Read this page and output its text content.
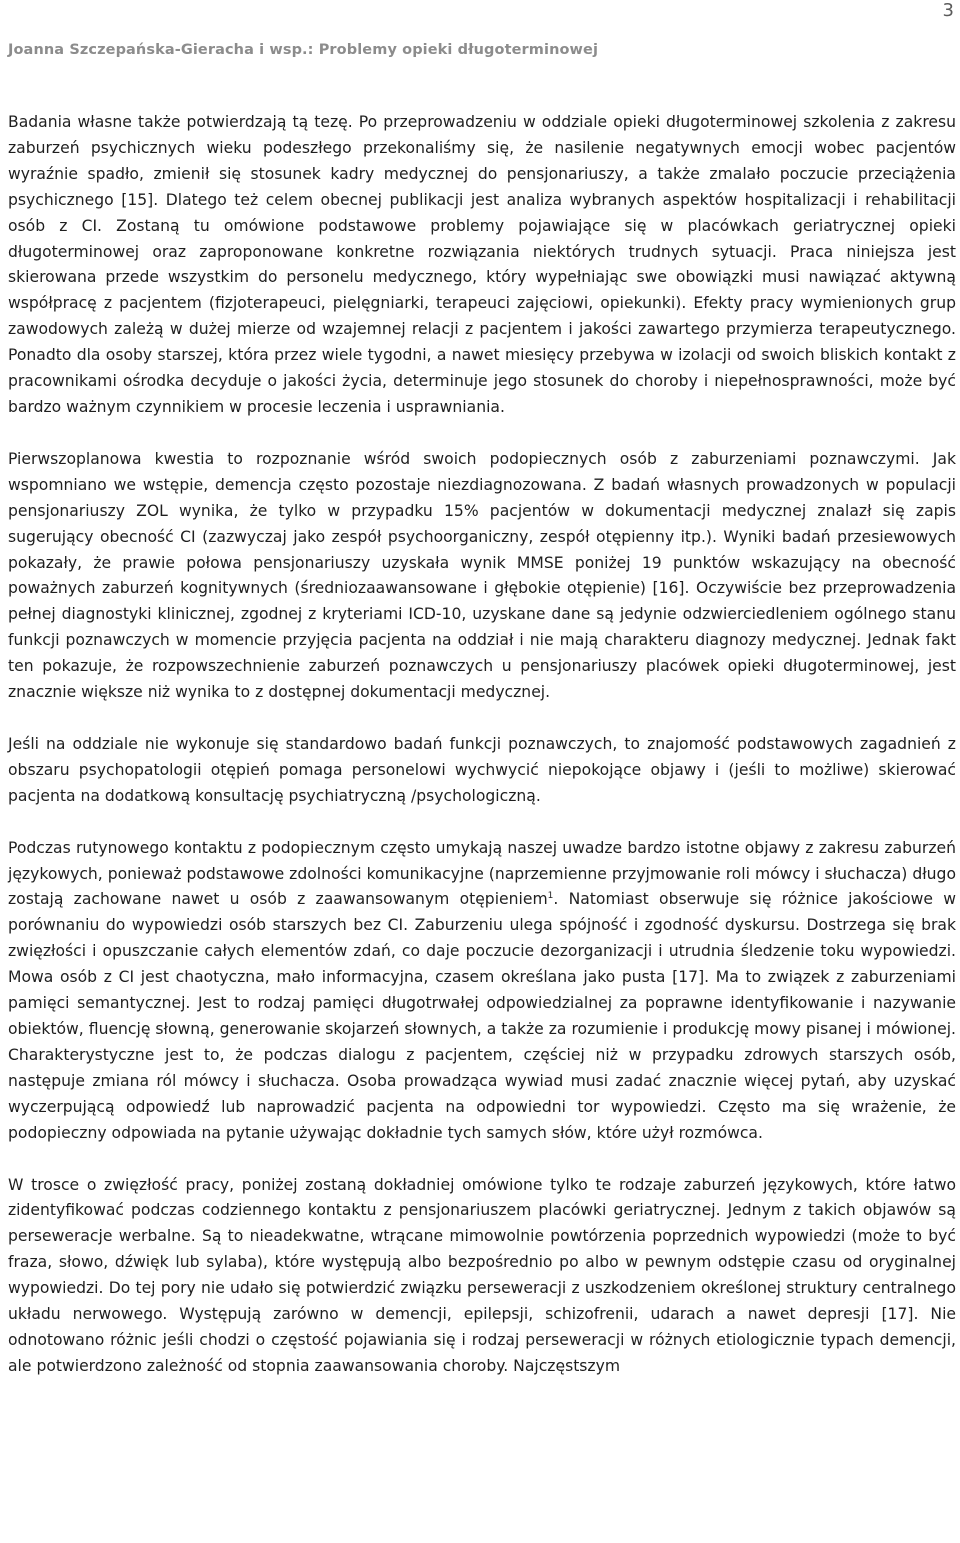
3
Joanna Szczepańska-Gieracha i wsp.: Problemy opieki długoterminowej

Badania własne także potwierdzają tą tezę. Po przeprowadzeniu w oddziale opieki długoterminowej szkolenia z zakresu zaburzeń psychicznych wieku podeszłego przekonaliśmy się, że nasilenie negatywnych emocji wobec pacjentów wyraźnie spadło, zmienił się stosunek kadry medycznej do pensjonariuszy, a także zmalało poczucie przeciążenia psychicznego [15]. Dlatego też celem obecnej publikacji jest analiza wybranych aspektów hospitalizacji i rehabilitacji osób z CI. Zostaną tu omówione podstawowe problemy pojawiające się w placówkach geriatrycznej opieki długoterminowej oraz zaproponowane konkretne rozwiązania niektórych trudnych sytuacji. Praca niniejsza jest skierowana przede wszystkim do personelu medycznego, który wypełniając swe obowiązki musi nawiązać aktywną współpracę z pacjentem (fizjoterapeuci, pielęgniarki, terapeuci zajęciowi, opiekunki). Efekty pracy wymienionych grup zawodowych zależą w dużej mierze od wzajemnej relacji z pacjentem i jakości zawartego przymierza terapeutycznego. Ponadto dla osoby starszej, która przez wiele tygodni, a nawet miesięcy przebywa w izolacji od swoich bliskich kontakt z pracownikami ośrodka decyduje o jakości życia, determinuje jego stosunek do choroby i niepełnosprawności, może być bardzo ważnym czynnikiem w procesie leczenia i usprawniania.

Pierwszoplanowa kwestia to rozpoznanie wśród swoich podopiecznych osób z zaburzeniami poznawczymi. Jak wspomniano we wstępie, demencja często pozostaje niezdiagnozowana. Z badań własnych prowadzonych w populacji pensjonariuszy ZOL wynika, że tylko w przypadku 15% pacjentów w dokumentacji medycznej znalazł się zapis sugerujący obecność CI (zazwyczaj jako zespół psychoorganiczny, zespół otępienny itp.). Wyniki badań przesiewowych pokazały, że prawie połowa pensjonariuszy uzyskała wynik MMSE poniżej 19 punktów wskazujący na obecność poważnych zaburzeń kognitywnych (średniozaawansowane i głębokie otępienie) [16]. Oczywiście bez przeprowadzenia pełnej diagnostyki klinicznej, zgodnej z kryteriami ICD-10, uzyskane dane są jedynie odzwierciedleniem ogólnego stanu funkcji poznawczych w momencie przyjęcia pacjenta na oddział i nie mają charakteru diagnozy medycznej. Jednak fakt ten pokazuje, że rozpowszechnienie zaburzeń poznawczych u pensjonariuszy placówek opieki długoterminowej, jest znacznie większe niż wynika to z dostępnej dokumentacji medycznej.

Jeśli na oddziale nie wykonuje się standardowo badań funkcji poznawczych, to znajomość podstawowych zagadnień z obszaru psychopatologii otępień pomaga personelowi wychwycić niepokojące objawy i (jeśli to możliwe) skierować pacjenta na dodatkową konsultację psychiatryczną /psychologiczną.

Podczas rutynowego kontaktu z podopiecznym często umykają naszej uwadze bardzo istotne objawy z zakresu zaburzeń językowych, ponieważ podstawowe zdolności komunikacyjne (naprzemienne przyjmowanie roli mówcy i słuchacza) długo zostają zachowane nawet u osób z zaawansowanym otępieniem$^1$. Natomiast obserwuje się różnice jakościowe w porównaniu do wypowiedzi osób starszych bez CI. Zaburzeniu ulega spójność i zgodność dyskursu. Dostrzega się brak zwięzłości i opuszczanie całych elementów zdań, co daje poczucie dezorganizacji i utrudnia śledzenie toku wypowiedzi. Mowa osób z CI jest chaotyczna, mało informacyjna, czasem określana jako pusta [17]. Ma to związek z zaburzeniami pamięci semantycznej. Jest to rodzaj pamięci długotrwałej odpowiedzialnej za poprawne identyfikowanie i nazywanie obiektów, fluencję słowną, generowanie skojarzeń słownych, a także za rozumienie i produkcję mowy pisanej i mówionej. Charakterystyczne jest to, że podczas dialogu z pacjentem, częściej niż w przypadku zdrowych starszych osób, następuje zmiana ról mówcy i słuchacza. Osoba prowadząca wywiad musi zadać znacznie więcej pytań, aby uzyskać wyczerpującą odpowiedź lub naprowadzić pacjenta na odpowiedni tor wypowiedzi. Często ma się wrażenie, że podopieczny odpowiada na pytanie używając dokładnie tych samych słów, które użył rozmówca.

W trosce o zwięzłość pracy, poniżej zostaną dokładniej omówione tylko te rodzaje zaburzeń językowych, które łatwo zidentyfikować podczas codziennego kontaktu z pensjonariuszem placówki geriatrycznej. Jednym z takich objawów są perseweracje werbalne. Są to nieadekwatne, wtrącane mimowolnie powtórzenia poprzednich wypowiedzi (może to być fraza, słowo, dźwięk lub sylaba), które występują albo bezpośrednio po albo w pewnym odstępie czasu od oryginalnej wypowiedzi. Do tej pory nie udało się potwierdzić związku perseweracji z uszkodzeniem określonej struktury centralnego układu nerwowego. Występują zarówno w demencji, epilepsji, schizofrenii, udarach a nawet depresji [17]. Nie odnotowano różnic jeśli chodzi o częstość pojawiania się i rodzaj perseweracji w różnych etiologicznie typach demencji, ale potwierdzono zależność od stopnia zaawansowania choroby. Najczęstszym
